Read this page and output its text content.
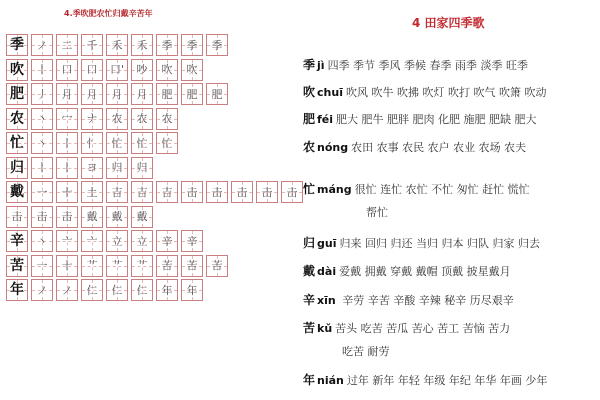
4.季吹肥农忙归戴辛苦年
季 ノ 二 千 禾 禾 季 季 季
吹 丨 口 口 口' 吵 吹 吹
肥 丿 月 月 月 月 肥 肥 肥
农 丶 冖 ナ 农 农 农
忙 丶 丨 忄 忙 忙 忙
归 丨 丨 ヨ 归 归
戴 一 十 土 吉 吉 吉 击 击 击 击 击
击 击 击 戴 戴 戴
辛 丶 亠 亠 立 立 辛 辛
苦 一 十 艹 艹 艹 苦 苦 苦
年 ノ ノ 仁 仁 仁 年 年
4 田家四季歌
季 jì 四季 季节 季风 季候 春季 雨季 淡季 旺季
吹 chuī 吹风 吹牛 吹拂 吹灯 吹打 吹气 吹箫 吹动
肥 féi 肥大 肥牛 肥胖 肥肉 化肥 施肥 肥缺 肥大
农 nóng 农田 农事 农民 农户 农业 农场 农夫
忙 máng 很忙 连忙 农忙 不忙 匆忙 赶忙 慌忙
归 guī 归来 回归 归还 当归 归本 归队 归家 归去
戴 dài 爱戴 拥戴 穿戴 戴帽 顶戴 披星戴月
辛 xīn 辛劳 辛苦 辛酸 辛辣 秘辛 历尽艰辛
苦 kǔ 苦头 吃苦 苦瓜 苦心 苦工 苦恼 苦力
年 nián 过年 新年 年轻 年级 年纪 年华 年画 少年
帮忙
吃苦 耐劳
